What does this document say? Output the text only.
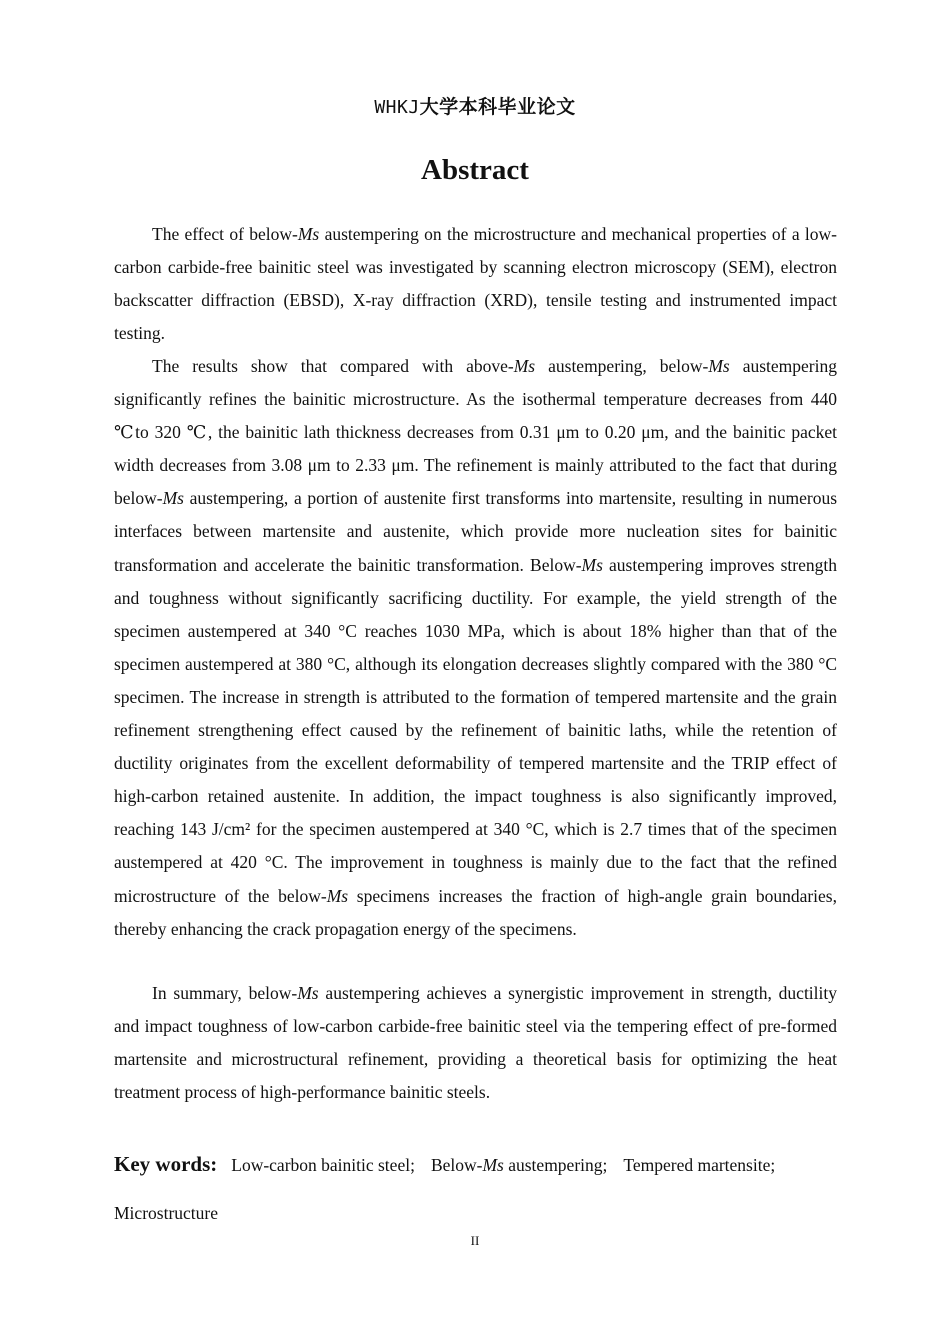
WHKJ大学本科毕业论文
Abstract

The effect of below-Ms austempering on the microstructure and mechanical properties of a low-carbon carbide-free bainitic steel was investigated by scanning electron microscopy (SEM), electron backscatter diffraction (EBSD), X-ray diffraction (XRD), tensile testing and instrumented impact testing.

The results show that compared with above-Ms austempering, below-Ms austempering significantly refines the bainitic microstructure. As the isothermal temperature decreases from 440 ℃to 320 ℃, the bainitic lath thickness decreases from 0.31 μm to 0.20 μm, and the bainitic packet width decreases from 3.08 μm to 2.33 μm. The refinement is mainly attributed to the fact that during below-Ms austempering, a portion of austenite first transforms into martensite, resulting in numerous interfaces between martensite and austenite, which provide more nucleation sites for bainitic transformation and accelerate the bainitic transformation. Below-Ms austempering improves strength and toughness without significantly sacrificing ductility. For example, the yield strength of the specimen austempered at 340 °C reaches 1030 MPa, which is about 18% higher than that of the specimen austempered at 380 °C, although its elongation decreases slightly compared with the 380 °C specimen. The increase in strength is attributed to the formation of tempered martensite and the grain refinement strengthening effect caused by the refinement of bainitic laths, while the retention of ductility originates from the excellent deformability of tempered martensite and the TRIP effect of high-carbon retained austenite. In addition, the impact toughness is also significantly improved, reaching 143 J/cm² for the specimen austempered at 340 °C, which is 2.7 times that of the specimen austempered at 420 °C. The improvement in toughness is mainly due to the fact that the refined microstructure of the below-Ms specimens increases the fraction of high-angle grain boundaries, thereby enhancing the crack propagation energy of the specimens.

In summary, below-Ms austempering achieves a synergistic improvement in strength, ductility and impact toughness of low-carbon carbide-free bainitic steel via the tempering effect of pre-formed martensite and microstructural refinement, providing a theoretical basis for optimizing the heat treatment process of high-performance bainitic steels.

Key words: Low-carbon bainitic steel; Below-Ms austempering; Tempered martensite;
Microstructure
II
